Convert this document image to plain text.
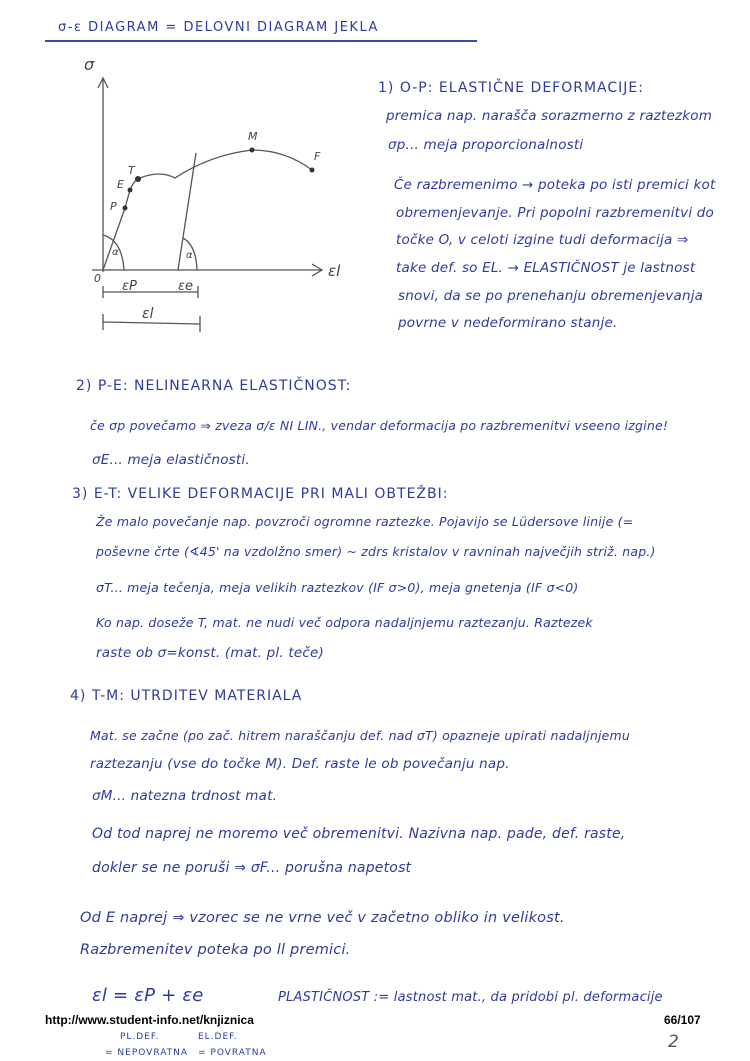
σ-ε DIAGRAM = DELOVNI DIAGRAM JEKLA
σ
εl
0
P
E
T
M
F
α	α
εP	εe
εl
1) O-P: ELASTIČNE DEFORMACIJE:
premica nap. narašča sorazmerno z raztezkom
σp... meja proporcionalnosti
Če razbremenimo → poteka po isti premici kot
obremenjevanje. Pri popolni razbremenitvi do
točke O, v celoti izgine tudi deformacija ⇒
take def. so EL. → ELASTIČNOST je lastnost
snovi, da se po prenehanju obremenjevanja
povrne v nedeformirano stanje.
2) P-E: NELINEARNA ELASTIČNOST:
če σp povečamo ⇒ zveza σ/ε NI LIN., vendar deformacija po razbremenitvi vseeno izgine!
σE... meja elastičnosti.
3) E-T: VELIKE DEFORMACIJE PRI MALI OBTEŽBI:
Že malo povečanje nap. povzroči ogromne raztezke. Pojavijo se Lüdersove linije (=
poševne črte (∢45' na vzdolžno smer) ~ zdrs kristalov v ravninah največjih striž. nap.)
σT... meja tečenja, meja velikih raztezkov (IF σ>0), meja gnetenja (IF σ<0)
Ko nap. doseže T, mat. ne nudi več odpora nadaljnjemu raztezanju. Raztezek
raste ob σ=konst. (mat. pl. teče)
4) T-M: UTRDITEV MATERIALA
Mat. se začne (po zač. hitrem naraščanju def. nad σT) opazneje upirati nadaljnjemu
raztezanju (vse do točke M). Def. raste le ob povečanju nap.
σM... natezna trdnost mat.
Od tod naprej ne moremo več obremenitvi. Nazivna nap. pade, def. raste,
dokler se ne poruši ⇒ σF... porušna napetost
Od E naprej ⇒ vzorec se ne vrne več v začetno obliko in velikost.
Razbremenitev poteka po ll premici.
εl = εP + εe	PLASTIČNOST := lastnost mat., da pridobi pl. deformacije
http://www.student-info.net/knjiznica	66/107
PL.DEF.
= NEPOVRATNA
EL.DEF.
= POVRATNA
2
